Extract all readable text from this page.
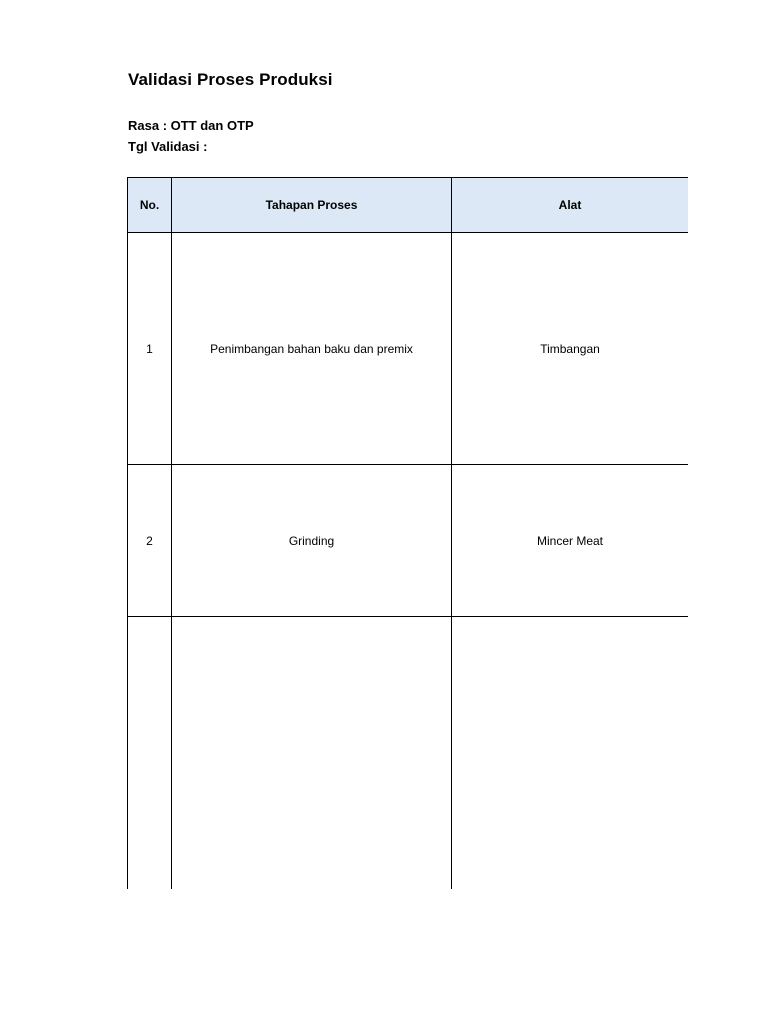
Validasi Proses Produksi
Rasa : OTT dan OTP
Tgl Validasi :
No.	Tahapan Proses	Alat
1	Penimbangan bahan baku dan premix	Timbangan
2	Grinding	Mincer Meat
